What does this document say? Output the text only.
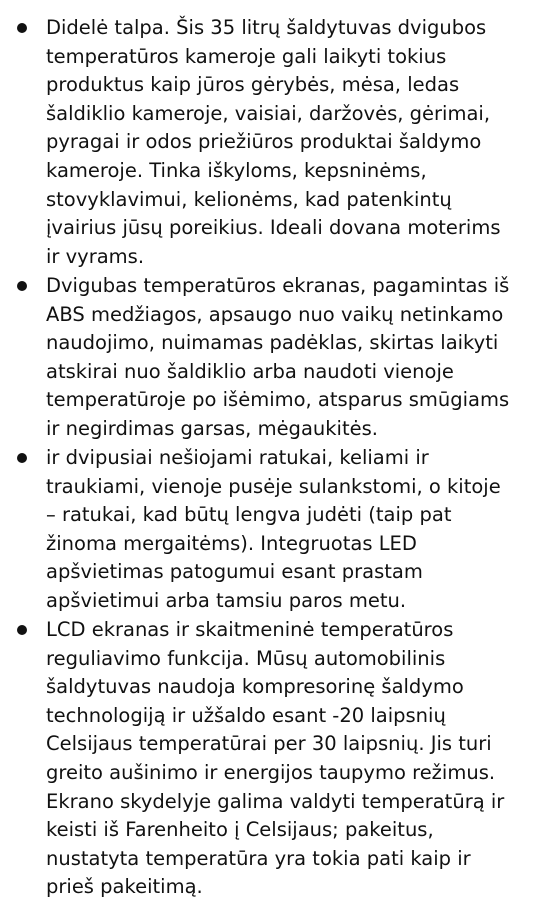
Didelė talpa. Šis 35 litrų šaldytuvas dvigubos
temperatūros kameroje gali laikyti tokius
produktus kaip jūros gėrybės, mėsa, ledas
šaldiklio kameroje, vaisiai, daržovės, gėrimai,
pyragai ir odos priežiūros produktai šaldymo
kameroje. Tinka iškyloms, kepsninėms,
stovyklavimui, kelionėms, kad patenkintų
įvairius jūsų poreikius. Ideali dovana moterims
ir vyrams.

Dvigubas temperatūros ekranas, pagamintas iš
ABS medžiagos, apsaugo nuo vaikų netinkamo
naudojimo, nuimamas padėklas, skirtas laikyti
atskirai nuo šaldiklio arba naudoti vienoje
temperatūroje po išėmimo, atsparus smūgiams
ir negirdimas garsas, mėgaukitės.

ir dvipusiai nešiojami ratukai, keliami ir
traukiami, vienoje pusėje sulankstomi, o kitoje
– ratukai, kad būtų lengva judėti (taip pat
žinoma mergaitėms). Integruotas LED
apšvietimas patogumui esant prastam
apšvietimui arba tamsiu paros metu.

LCD ekranas ir skaitmeninė temperatūros
reguliavimo funkcija. Mūsų automobilinis
šaldytuvas naudoja kompresorinę šaldymo
technologiją ir užšaldo esant -20 laipsnių
Celsijaus temperatūrai per 30 laipsnių. Jis turi
greito aušinimo ir energijos taupymo režimus.
Ekrano skydelyje galima valdyti temperatūrą ir
keisti iš Farenheito į Celsijaus; pakeitus,
nustatyta temperatūra yra tokia pati kaip ir
prieš pakeitimą.
